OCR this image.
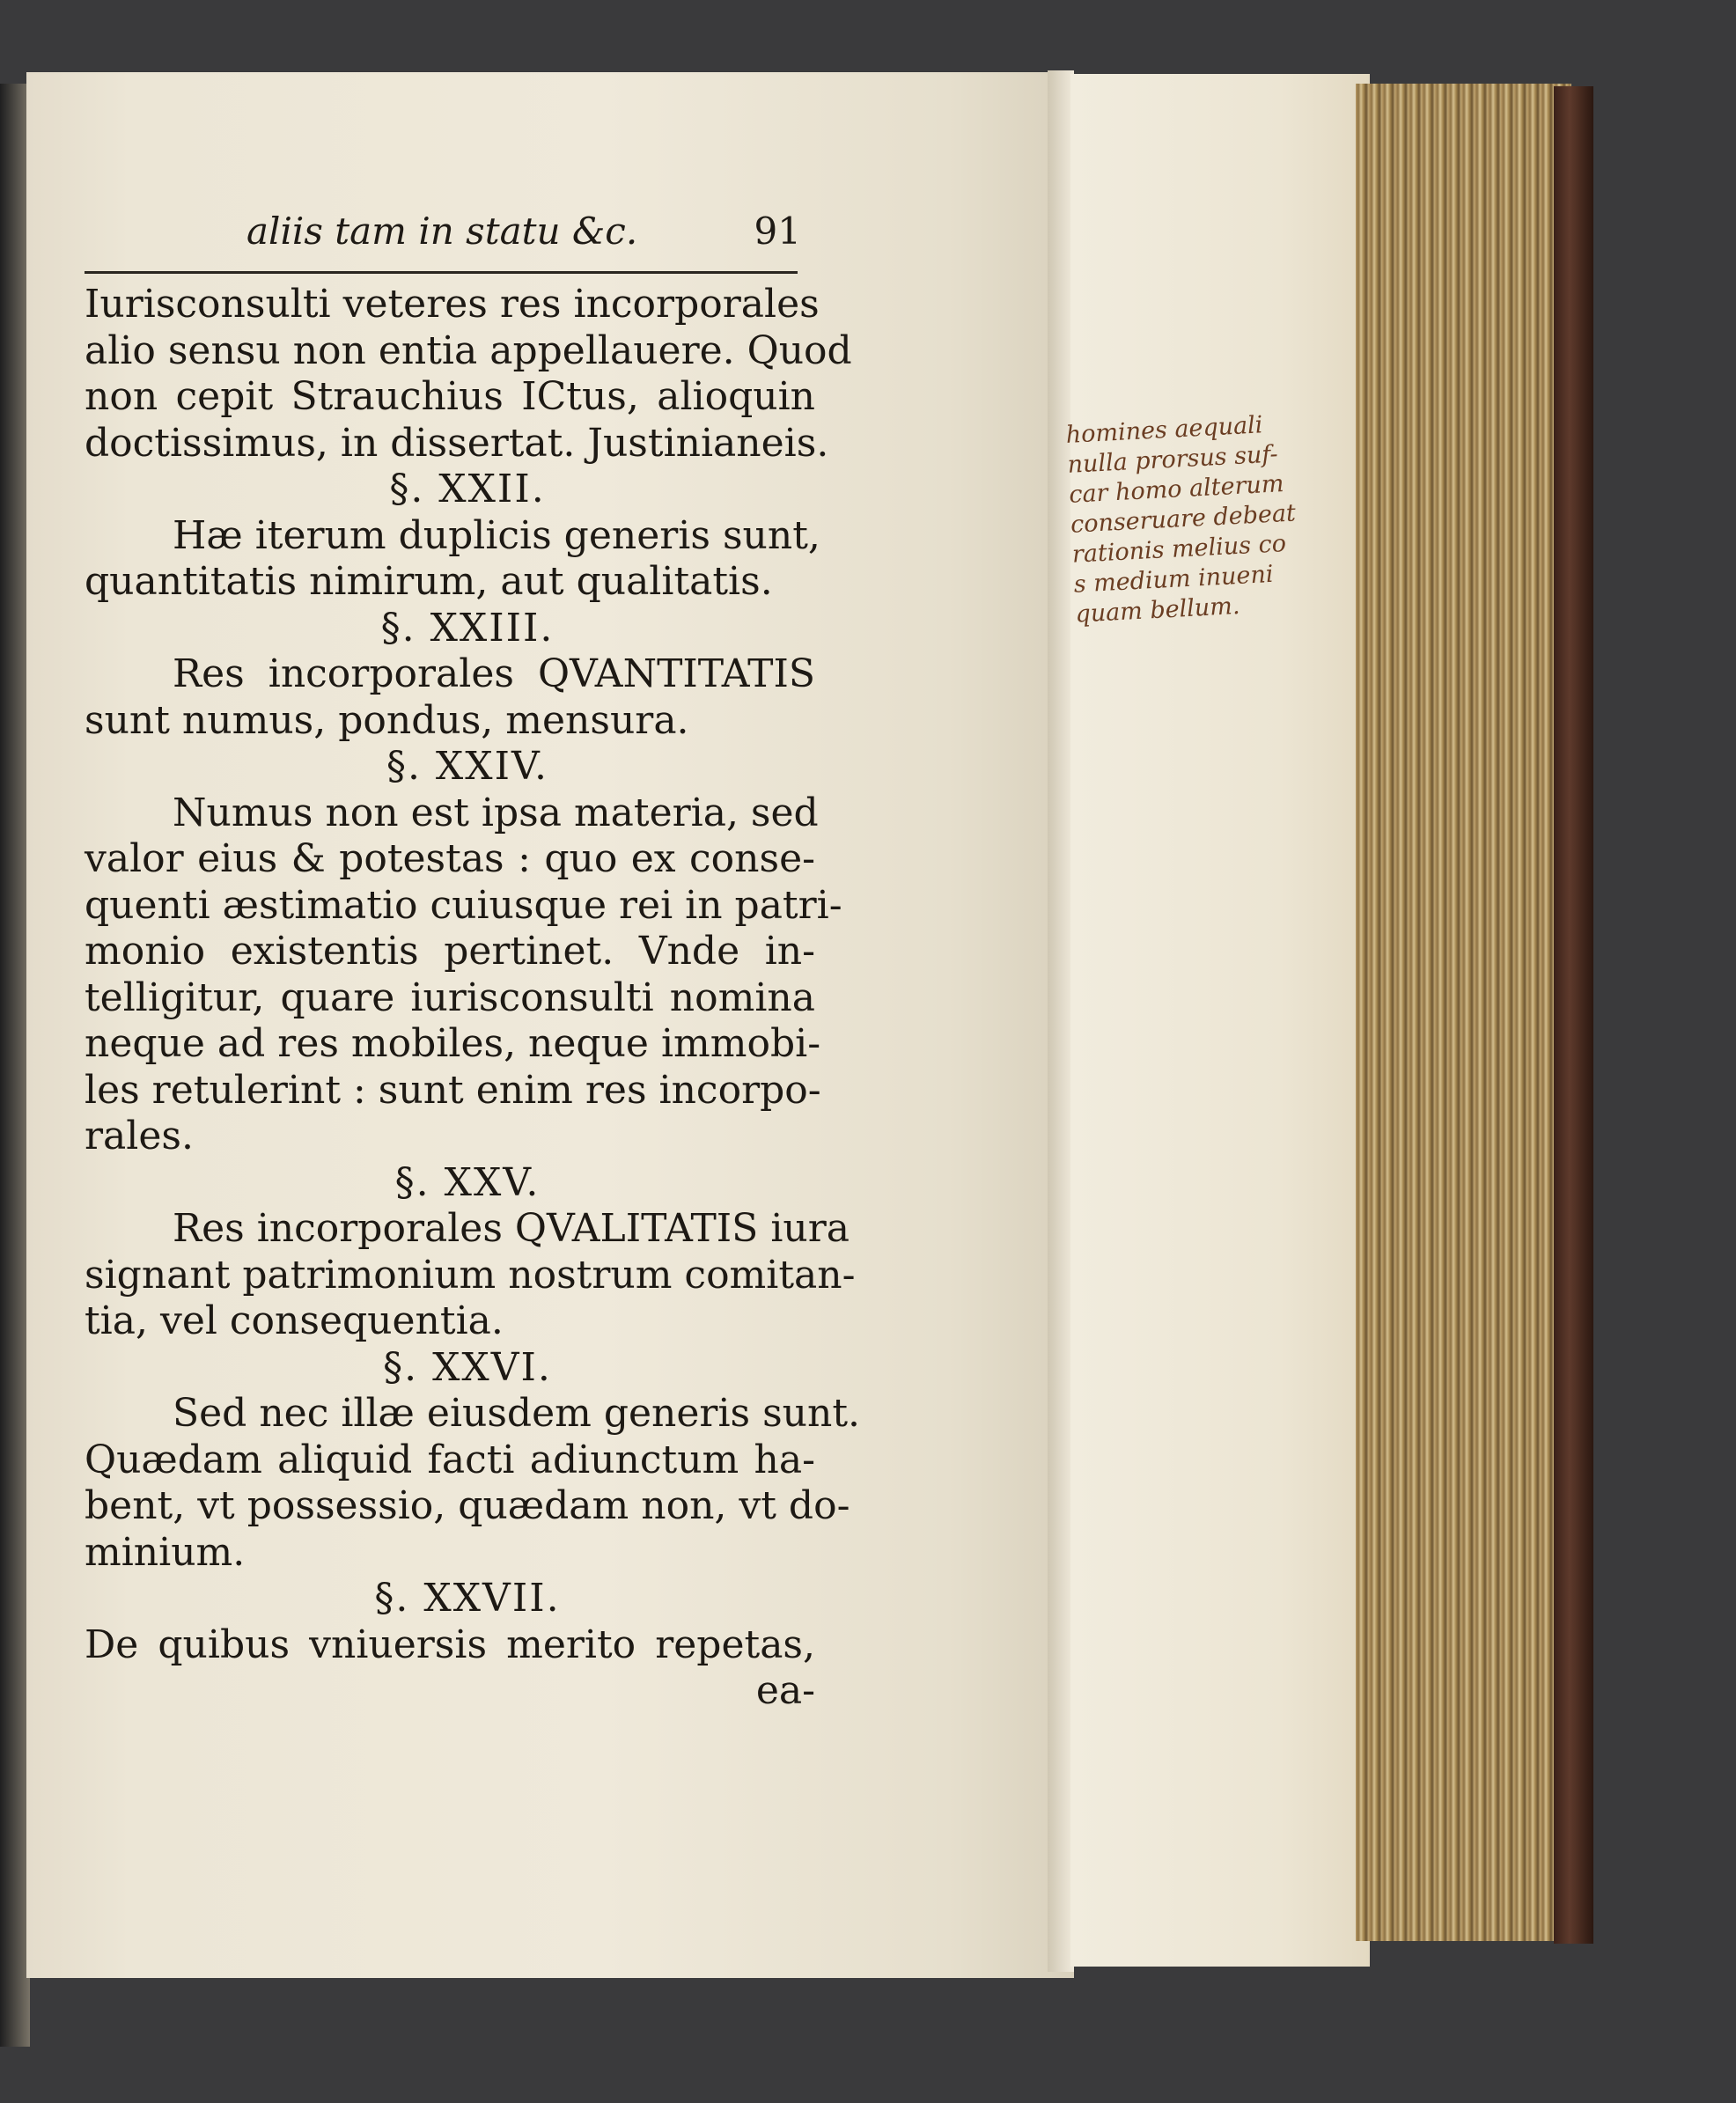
aliis tam in statu &c.	91
Iurisconsulti veteres res incorporales
alio sensu non entia appellauere. Quod
non cepit Strauchius ICtus, alioquin
doctissimus, in dissertat. Justinianeis.
§. XXII.
Hæ iterum duplicis generis sunt,
quantitatis nimirum, aut qualitatis.
§. XXIII.
Res incorporales QVANTITATIS
sunt numus, pondus, mensura.
§. XXIV.
Numus non est ipsa materia, sed
valor eius & potestas : quo ex conse-
quenti æstimatio cuiusque rei in patri-
monio existentis pertinet. Vnde in-
telligitur, quare iurisconsulti nomina
neque ad res mobiles, neque immobi-
les retulerint : sunt enim res incorpo-
rales.
§. XXV.
Res incorporales QVALITATIS iura
signant patrimonium nostrum comitan-
tia, vel consequentia.
§. XXVI.
Sed nec illæ eiusdem generis sunt.
Quædam aliquid facti adiunctum ha-
bent, vt possessio, quædam non, vt do-
minium.
§. XXVII.
De quibus vniuersis merito repetas,
ea-
homines aequali
nulla prorsus suf-
car homo alterum
conseruare debeat
rationis melius co
s medium inueni
quam bellum.
